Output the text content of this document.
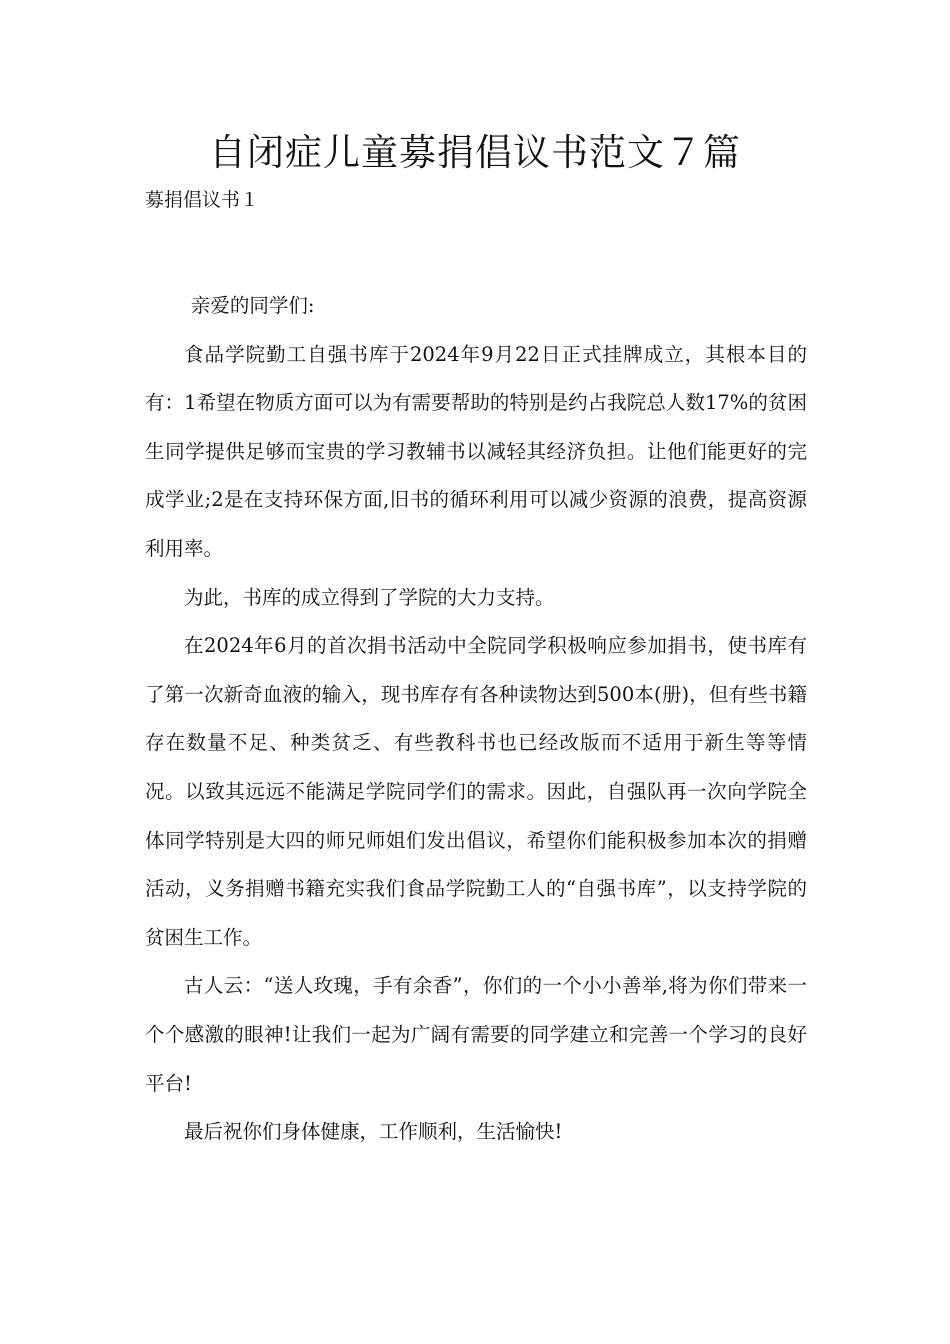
自闭症儿童募捐倡议书范文７篇
募捐倡议书１

亲爱的同学们:

食品学院勤工自强书库于2024年9月22日正式挂牌成立，其根本目的有：1希望在物质方面可以为有需要帮助的特别是约占我院总人数17%的贫困生同学提供足够而宝贵的学习教辅书以减轻其经济负担。让他们能更好的完成学业;2是在支持环保方面,旧书的循环利用可以减少资源的浪费，提高资源利用率。

为此，书库的成立得到了学院的大力支持。

在2024年6月的首次捐书活动中全院同学积极响应参加捐书，使书库有了第一次新奇血液的输入，现书库存有各种读物达到500本(册)，但有些书籍存在数量不足、种类贫乏、有些教科书也已经改版而不适用于新生等等情况。以致其远远不能满足学院同学们的需求。因此，自强队再一次向学院全体同学特别是大四的师兄师姐们发出倡议，希望你们能积极参加本次的捐赠活动，义务捐赠书籍充实我们食品学院勤工人的“自强书库”，以支持学院的贫困生工作。

古人云：“送人玫瑰，手有余香”，你们的一个小小善举,将为你们带来一个个感激的眼神!让我们一起为广阔有需要的同学建立和完善一个学习的良好平台!

最后祝你们身体健康，工作顺利，生活愉快!
